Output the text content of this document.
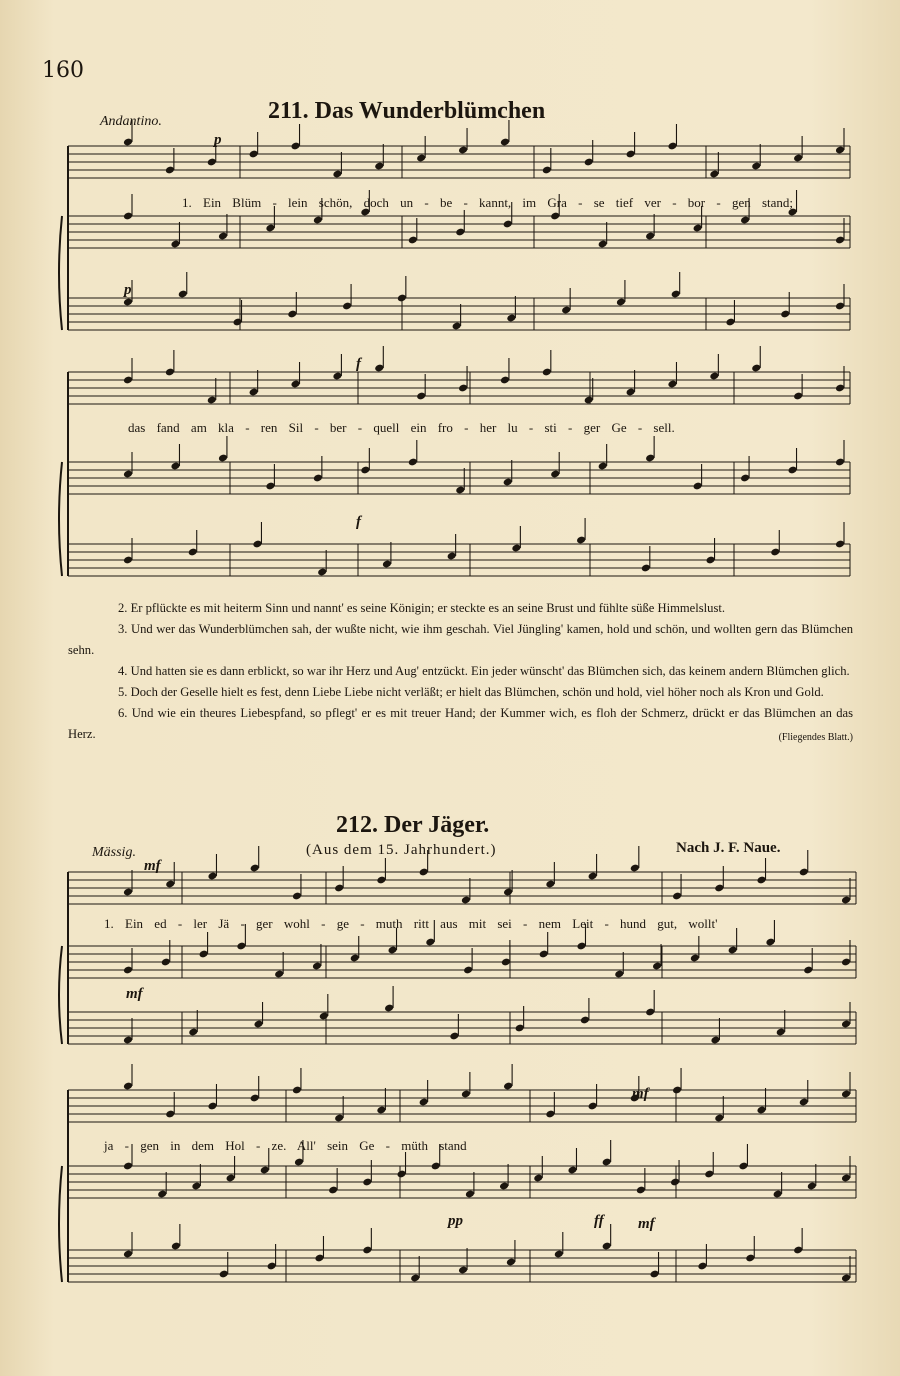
160
Andantino.	211. Das Wunderblümchen
1. Ein Blüm - lein schön, doch un - be - kannt, im Gra - se tief ver - bor - gen stand;
das fand am kla - ren Sil - ber - quell ein fro - her lu - sti - ger Ge - sell.
p
p
f
f

2. Er pflückte es mit heiterm Sinn und nannt' es seine Königin; er steckte es an seine Brust und fühlte süße Himmelslust.

3. Und wer das Wunderblümchen sah, der wußte nicht, wie ihm geschah. Viel Jüngling' kamen, hold und schön, und wollten gern das Blümchen sehn.

4. Und hatten sie es dann erblickt, so war ihr Herz und Aug' entzückt. Ein jeder wünscht' das Blümchen sich, das keinem andern Blümchen glich.

5. Doch der Geselle hielt es fest, denn Liebe Liebe nicht verläßt; er hielt das Blümchen, schön und hold, viel höher noch als Kron und Gold.

6. Und wie ein theures Liebespfand, so pflegt' er es mit treuer Hand; der Kummer wich, es floh der Schmerz, drückt er das Blümchen an das Herz.	(Fliegendes Blatt.)

212. Der Jäger.
(Aus dem 15. Jahrhundert.)	Nach J. F. Naue.
Mässig.
1. Ein ed - ler Jä - ger wohl - ge - muth ritt aus mit sei - nem Leit - hund gut, wollt'
ja - gen in dem Hol - ze. All' sein Ge - müth stand
mf
mf
mf
pp	ff mf
